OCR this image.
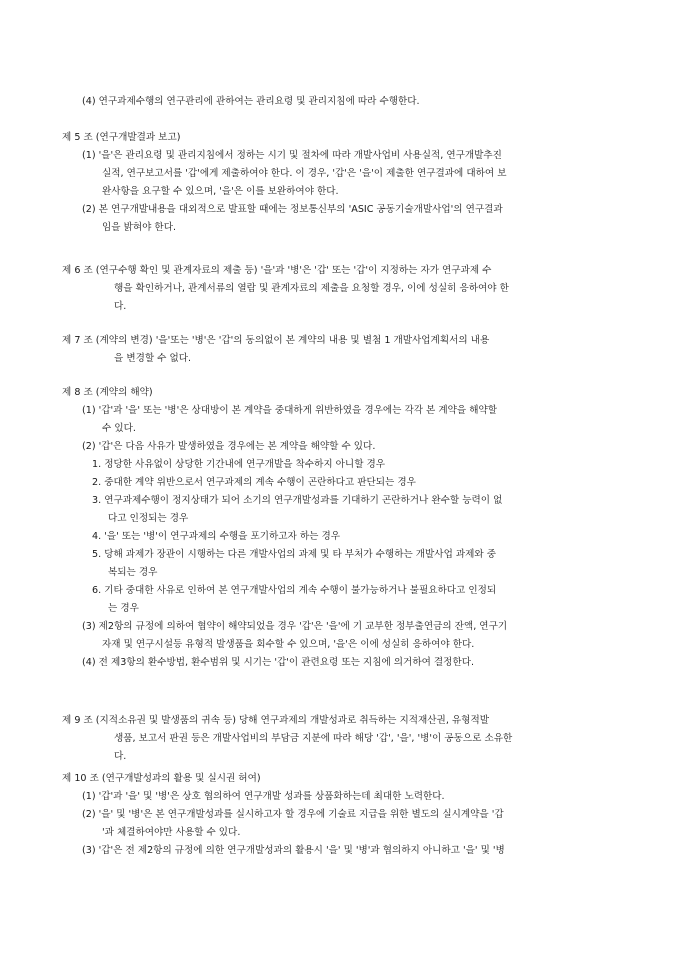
(4) 연구과제수행의 연구관리에 관하여는 관리요령 및 관리지침에 따라 수행한다.
제 5 조 (연구개발결과 보고)
(1) '을'은 관리요령 및 관리지침에서 정하는 시기 및 절차에 따라 개발사업비 사용실적, 연구개발추진
실적, 연구보고서를 '갑'에게 제출하여야 한다. 이 경우, '갑'은 '을'이 제출한 연구결과에 대하여 보
완사항을 요구할 수 있으며, '을'은 이를 보완하여야 한다.
(2) 본 연구개발내용을 대외적으로 발표할 때에는 정보통신부의 'ASIC 공동기술개발사업'의 연구결과
임을 밝혀야 한다.
제 6 조 (연구수행 확인 및 관계자료의 제출 등) '을'과 '병'은 '갑' 또는 '갑'이 지정하는 자가 연구과제 수
행을 확인하거나, 관계서류의 열람 및 관계자료의 제출을 요청할 경우, 이에 성실히 응하여야 한
다.
제 7 조 (계약의 변경) '을'또는 '병'은 '갑'의 동의없이 본 계약의 내용 및 별첨 1 개발사업계획서의 내용
을 변경할 수 없다.
제 8 조 (계약의 해약)
(1) '갑'과 '을' 또는 '병'은 상대방이 본 계약을 중대하게 위반하였을 경우에는 각각 본 계약을 해약할
수 있다.
(2) '갑'은 다음 사유가 발생하였을 경우에는 본 계약을 해약할 수 있다.
1. 정당한 사유없이 상당한 기간내에 연구개발을 착수하지 아니할 경우
2. 중대한 계약 위반으로서 연구과제의 계속 수행이 곤란하다고 판단되는 경우
3. 연구과제수행이 정지상태가 되어 소기의 연구개발성과를 기대하기 곤란하거나 완수할 능력이 없
다고 인정되는 경우
4. '을' 또는 '병'이 연구과제의 수행을 포기하고자 하는 경우
5. 당해 과제가 장관이 시행하는 다른 개발사업의 과제 및 타 부처가 수행하는 개발사업 과제와 중
복되는 경우
6. 기타 중대한 사유로 인하여 본 연구개발사업의 계속 수행이 불가능하거나 불필요하다고 인정되
는 경우
(3) 제2항의 규정에 의하여 협약이 해약되었을 경우 '갑'은 '을'에 기 교부한 정부출연금의 잔액, 연구기
자재 및 연구시설등 유형적 발생품을 회수할 수 있으며, '을'은 이에 성실히 응하여야 한다.
(4) 전 제3항의 환수방법, 환수범위 및 시기는 '갑'이 관련요령 또는 지침에 의거하여 결정한다.
제 9 조 (지적소유권 및 발생품의 귀속 등) 당해 연구과제의 개발성과로 취득하는 지적재산권, 유형적발
생품, 보고서 판권 등은 개발사업비의 부담금 지분에 따라 해당 '갑', '을', '병'이 공동으로 소유한
다.
제 10 조 (연구개발성과의 활용 및 실시권 허여)
(1) '갑'과 '을' 및 '병'은 상호 협의하여 연구개발 성과를 상품화하는데 최대한 노력한다.
(2) '을' 및 '병'은 본 연구개발성과를 실시하고자 할 경우에 기술료 지급을 위한 별도의 실시계약을 '갑
'과 체결하여야만 사용할 수 있다.
(3) '갑'은 전 제2항의 규정에 의한 연구개발성과의 활용시 '을' 및 '병'과 협의하지 아니하고 '을' 및 '병
